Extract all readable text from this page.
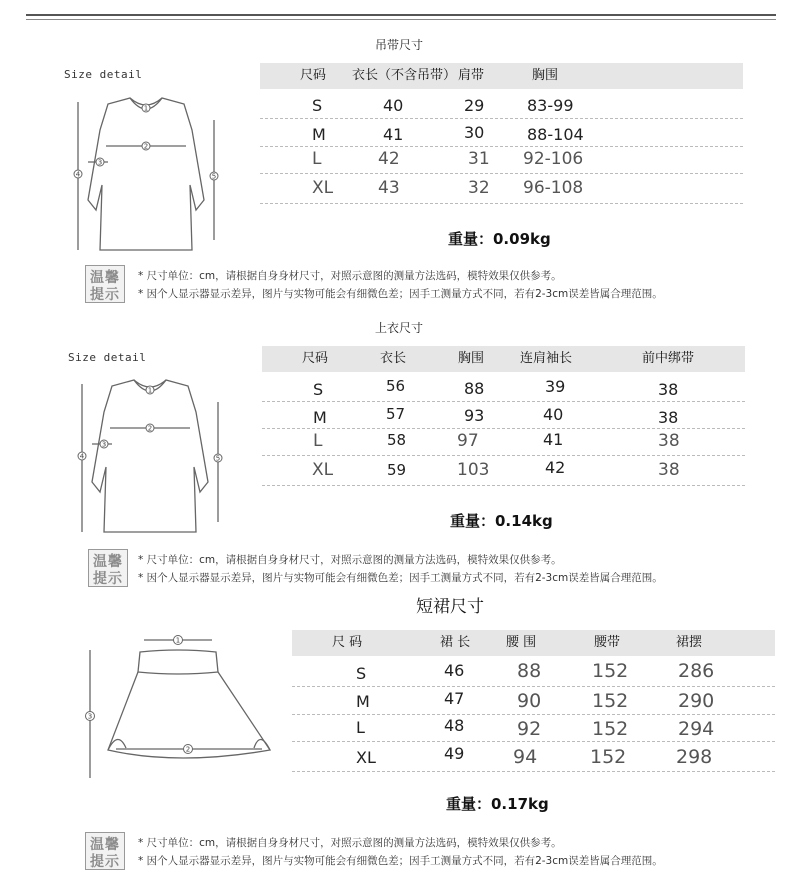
吊带尺寸
Size detail
1
2
3
4	5
尺码 衣长（不含吊带） 肩带	胸围
S	40	29	83-99
M	41	30	88-104
L	42	31 92-106
XL	43	32 96-108
重量：0.09kg
温馨
提示
* 尺寸单位：cm，请根据自身身材尺寸，对照示意图的测量方法选码，模特效果仅供参考。
* 因个人显示器显示差异，图片与实物可能会有细微色差；因手工测量方式不同，若有2-3cm误差皆属合理范围。
上衣尺寸
Size detail
1
2
3
4	5
尺码	衣长	胸围	连肩袖长	前中绑带
S	56	88	39	38
M	57	93	40	38
L	58	97	41	38
XL	59	103	42	38
重量：0.14kg
温馨
提示
* 尺寸单位：cm，请根据自身身材尺寸，对照示意图的测量方法选码，模特效果仅供参考。
* 因个人显示器显示差异，图片与实物可能会有细微色差；因手工测量方式不同，若有2-3cm误差皆属合理范围。
短裙尺寸
1
2
3
尺 码	裙 长	腰 围	腰带	裙摆
S	46	88	152	286
M	47	90	152	290
L	48	92	152	294
XL	49	94	152	298
重量：0.17kg
温馨
提示
* 尺寸单位：cm，请根据自身身材尺寸，对照示意图的测量方法选码，模特效果仅供参考。
* 因个人显示器显示差异，图片与实物可能会有细微色差；因手工测量方式不同，若有2-3cm误差皆属合理范围。
